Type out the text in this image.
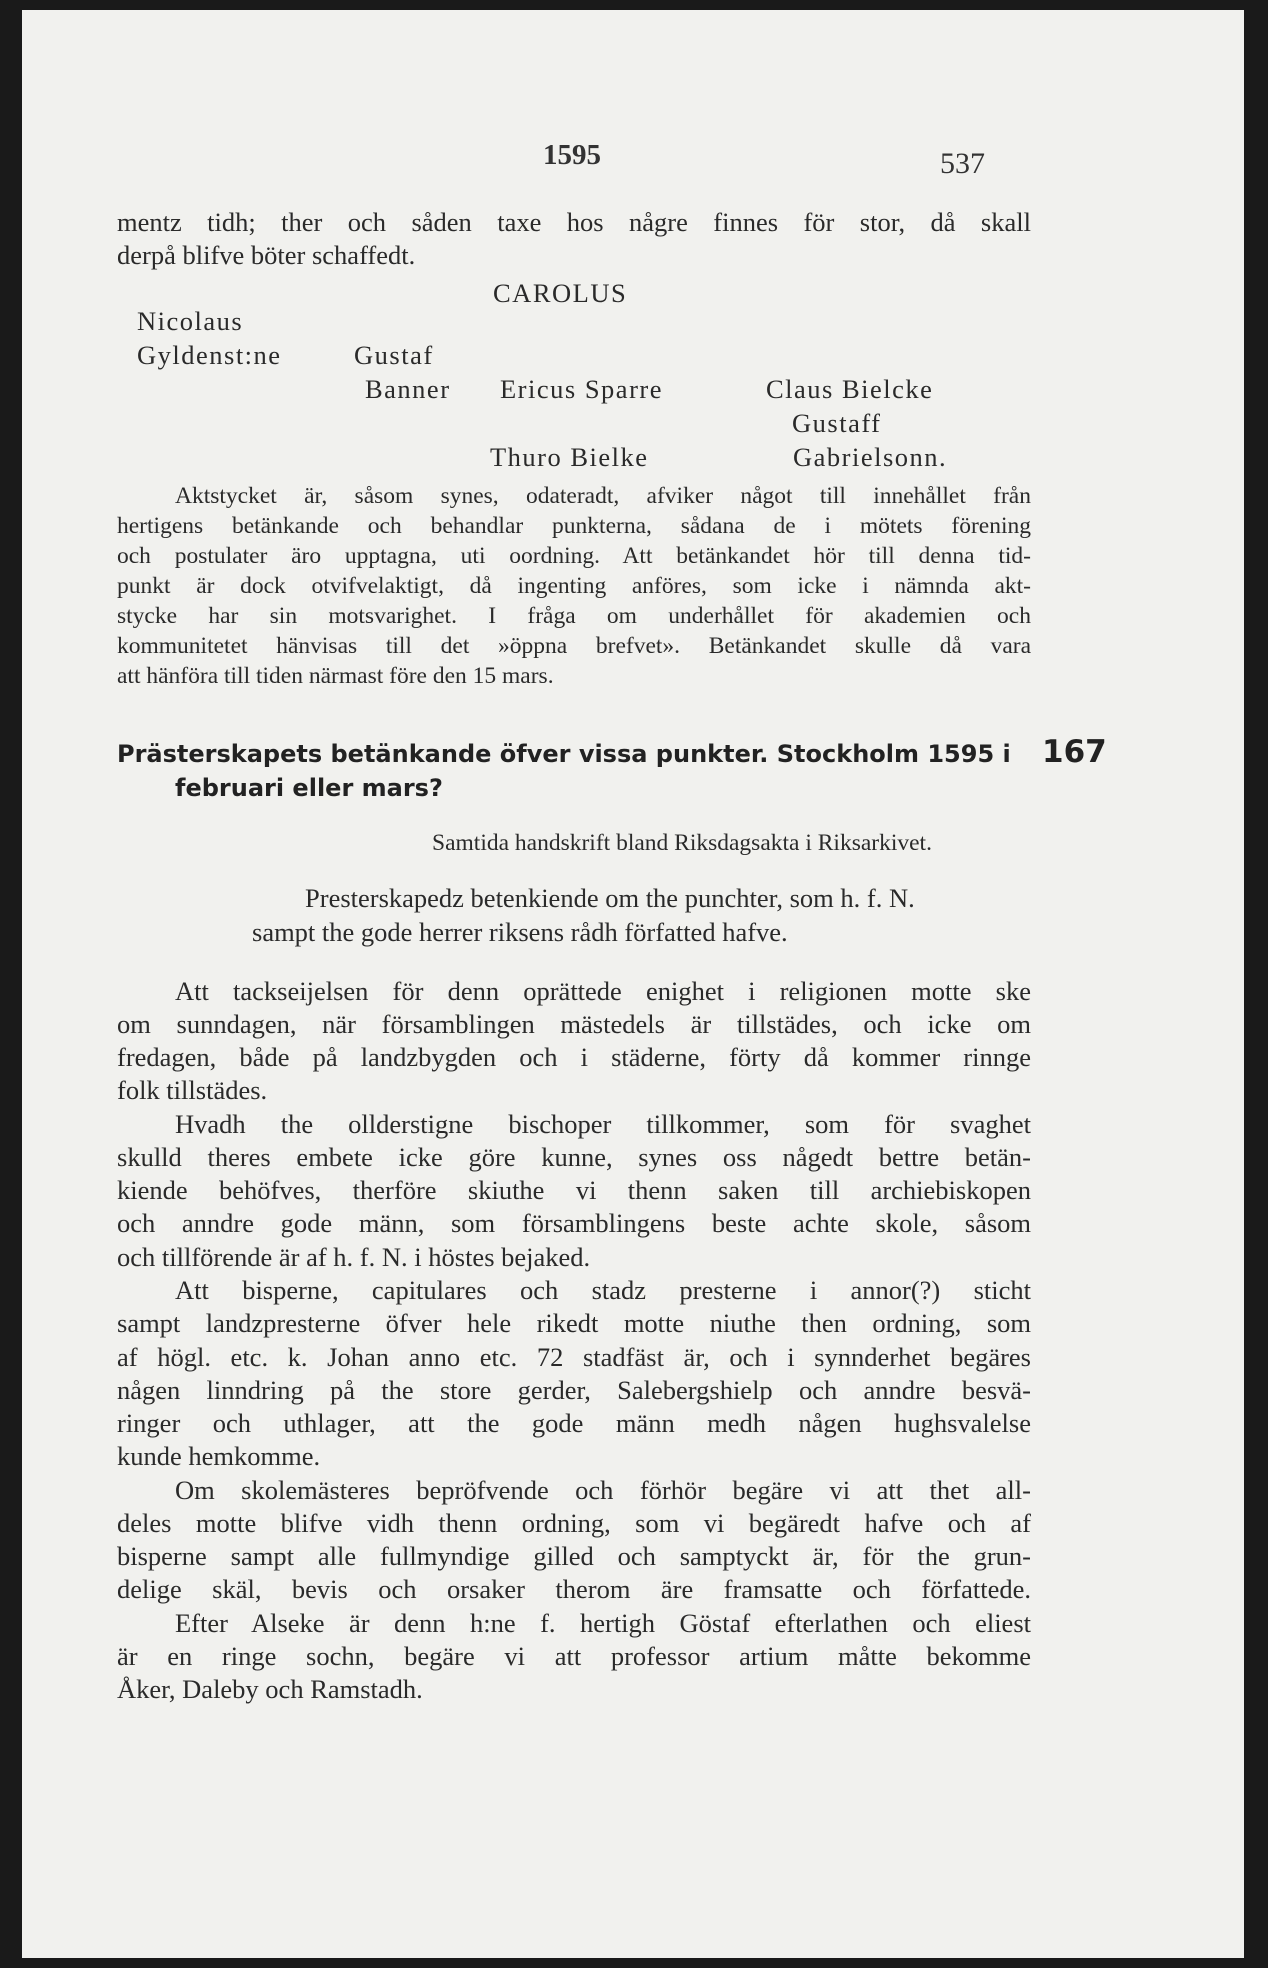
1595	537
mentz tidh; ther och såden taxe hos någre finnes för stor, då skall
derpå blifve böter schaffedt.
CAROLUS
Nicolaus
Gyldenst:ne	Gustaf
Banner Ericus Sparre	Claus Bielcke
Gustaff
Thuro Bielke	Gabrielsonn.
Aktstycket är, såsom synes, odateradt, afviker något till innehållet från
hertigens betänkande och behandlar punkterna, sådana de i mötets förening
och postulater äro upptagna, uti oordning. Att betänkandet hör till denna tid-
punkt är dock otvifvelaktigt, då ingenting anföres, som icke i nämnda akt-
stycke har sin motsvarighet. I fråga om underhållet för akademien och
kommunitetet hänvisas till det »öppna brefvet». Betänkandet skulle då vara
att hänföra till tiden närmast före den 15 mars.
Prästerskapets betänkande öfver vissa punkter. Stockholm 1595 i
februari eller mars?
167
Samtida handskrift bland Riksdagsakta i Riksarkivet.
Presterskapedz betenkiende om the punchter, som h. f. N.
sampt the gode herrer riksens rådh författed hafve.
Att tackseijelsen för denn oprättede enighet i religionen motte ske
om sunndagen, när församblingen mästedels är tillstädes, och icke om
fredagen, både på landzbygden och i städerne, förty då kommer rinnge
folk tillstädes.
Hvadh the ollderstigne bischoper tillkommer, som för svaghet
skulld theres embete icke göre kunne, synes oss någedt bettre betän-
kiende behöfves, therföre skiuthe vi thenn saken till archiebiskopen
och anndre gode männ, som församblingens beste achte skole, såsom
och tillförende är af h. f. N. i höstes bejaked.
Att bisperne, capitulares och stadz presterne i annor(?) sticht
sampt landzpresterne öfver hele rikedt motte niuthe then ordning, som
af högl. etc. k. Johan anno etc. 72 stadfäst är, och i synnderhet begäres
någen linndring på the store gerder, Salebergshielp och anndre besvä-
ringer och uthlager, att the gode männ medh någen hughsvalelse
kunde hemkomme.
Om skolemästeres bepröfvende och förhör begäre vi att thet all-
deles motte blifve vidh thenn ordning, som vi begäredt hafve och af
bisperne sampt alle fullmyndige gilled och samptyckt är, för the grun-
delige skäl, bevis och orsaker therom äre framsatte och författede.
Efter Alseke är denn h:ne f. hertigh Göstaf efterlathen och eliest
är en ringe sochn, begäre vi att professor artium måtte bekomme
Åker, Daleby och Ramstadh.
